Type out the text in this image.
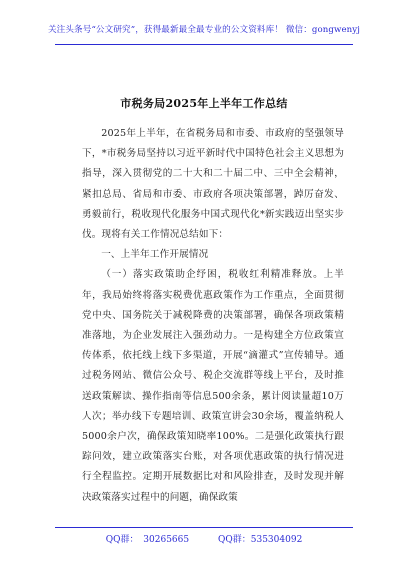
关注头条号“公文研究”，获得最新最全最专业的公文资料库！ 微信：gongwenyj
市税务局2025年上半年工作总结

2025年上半年，在省税务局和市委、市政府的坚强领导下，*市税务局坚持以习近平新时代中国特色社会主义思想为指导，深入贯彻党的二十大和二十届二中、三中全会精神，紧扣总局、省局和市委、市政府各项决策部署，踔厉奋发、勇毅前行，税收现代化服务中国式现代化*新实践迈出坚实步伐。现将有关工作情况总结如下：

一、上半年工作开展情况

（一）落实政策助企纾困，税收红利精准释放。上半年，我局始终将落实税费优惠政策作为工作重点，全面贯彻党中央、国务院关于减税降费的决策部署，确保各项政策精准落地，为企业发展注入强劲动力。一是构建全方位政策宣传体系，依托线上线下多渠道，开展“滴灌式”宣传辅导。通过税务网站、微信公众号、税企交流群等线上平台，及时推送政策解读、操作指南等信息500余条，累计阅读量超10万人次；举办线下专题培训、政策宣讲会30余场，覆盖纳税人5000余户次，确保政策知晓率100%。二是强化政策执行跟踪问效，建立政策落实台账，对各项优惠政策的执行情况进行全程监控。定期开展数据比对和风险排查，及时发现并解决政策落实过程中的问题，确保政策

QQ群： 30265665	QQ群：535304092
